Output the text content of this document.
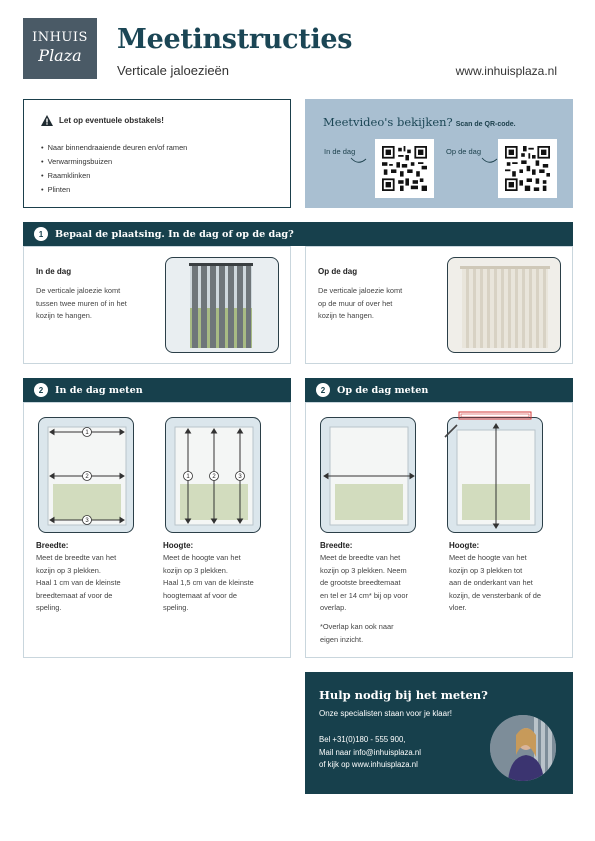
INHUIS
Plaza
Meetinstructies
Verticale jaloezieën	www.inhuisplaza.nl
Let op eventuele obstakels!
• Naar binnendraaiende deuren en/of ramen
• Verwarmingsbuizen
• Raamklinken
• Plinten
Meetvideo's bekijken? Scan de QR-code.
In de dag	Op de dag
1	Bepaal de plaatsing. In de dag of op de dag?
In de dag
De verticale jaloezie komt
tussen twee muren of in het
kozijn te hangen.
Op de dag
De verticale jaloezie komt
op de muur of over het
kozijn te hangen.
2	In de dag meten
1
2
3
1	2	3
Breedte:
Meet de breedte van het
kozijn op 3 plekken.
Haal 1 cm van de kleinste
breedtemaat af voor de
speling.
Hoogte:
Meet de hoogte van het
kozijn op 3 plekken.
Haal 1,5 cm van de kleinste
hoogtemaat af voor de
speling.
2	Op de dag meten
Breedte:
Meet de breedte van het
kozijn op 3 plekken. Neem
de grootste breedtemaat
en tel er 14 cm* bij op voor
overlap.
*Overlap kan ook naar
eigen inzicht.
Hoogte:
Meet de hoogte van het
kozijn op 3 plekken tot
aan de onderkant van het
kozijn, de vensterbank of de
vloer.
Hulp nodig bij het meten?
Onze specialisten staan voor je klaar!
Bel +31(0)180 - 555 900,
Mail naar info@inhuisplaza.nl
of kijk op www.inhuisplaza.nl
